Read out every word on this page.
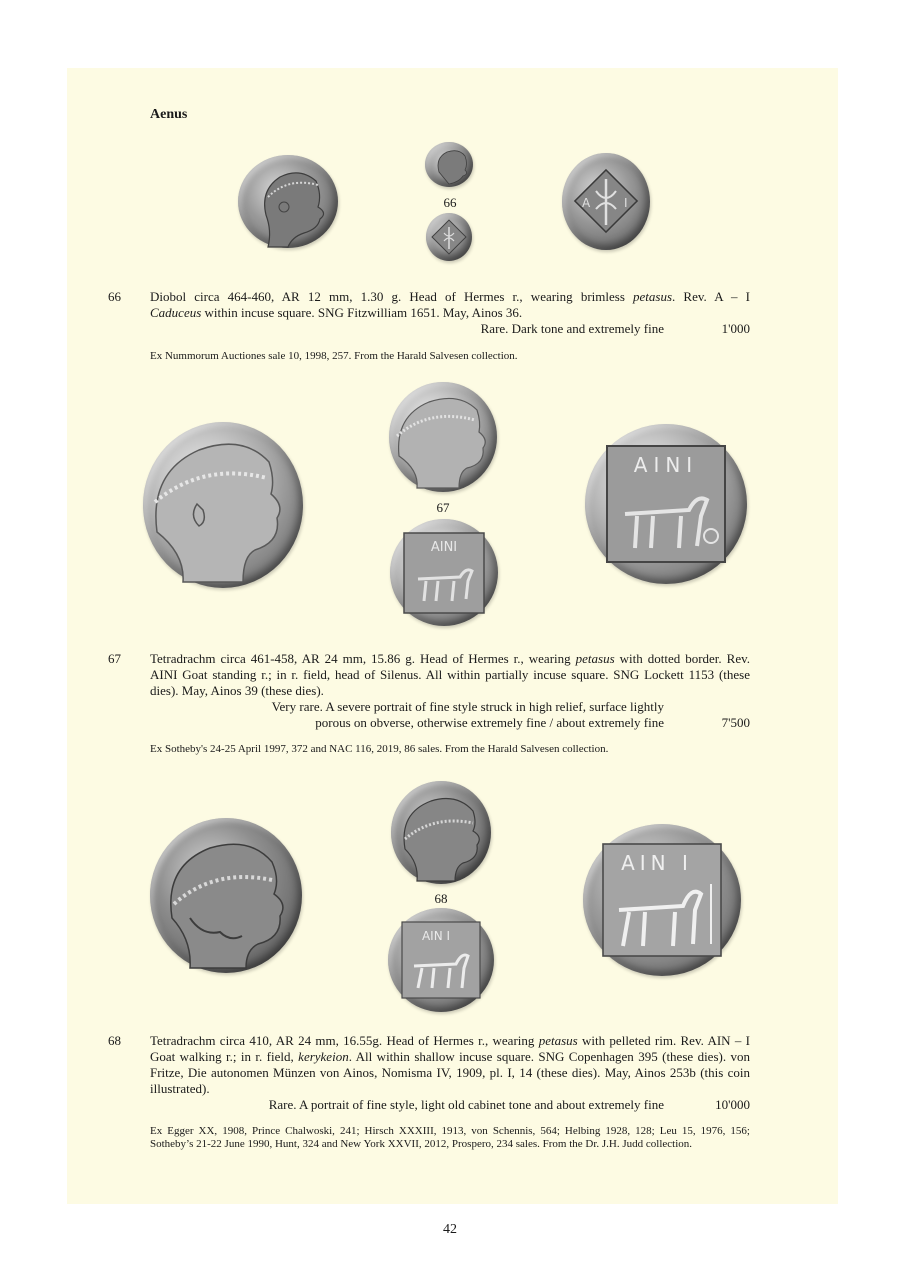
Aenus
66	A	I
66 Diobol circa 464-460, AR 12 mm, 1.30 g. Head of Hermes r., wearing brimless petasus. Rev. A – I
Caduceus within incuse square. SNG Fitzwilliam 1651. May, Ainos 36.
Rare. Dark tone and extremely fine	1'000
Ex Nummorum Auctiones sale 10, 1998, 257. From the Harald Salvesen collection.
67
AINI
AINI
67 Tetradrachm circa 461-458, AR 24 mm, 15.86 g. Head of Hermes r., wearing petasus with dotted border. Rev. AINI Goat standing r.; in r. field, head of Silenus. All within partially incuse square. SNG Lockett 1153 (these dies). May, Ainos 39 (these dies).
Very rare. A severe portrait of fine style struck in high relief, surface lightly
porous on obverse, otherwise extremely fine / about extremely fine	7'500
Ex Sotheby's 24-25 April 1997, 372 and NAC 116, 2019, 86 sales. From the Harald Salvesen collection.
68
AIN I
AIN I
68 Tetradrachm circa 410, AR 24 mm, 16.55g. Head of Hermes r., wearing petasus with pelleted rim. Rev. AIN – I Goat walking r.; in r. field, kerykeion. All within shallow incuse square. SNG Copenhagen 395 (these dies). von Fritze, Die autonomen Münzen von Ainos, Nomisma IV, 1909, pl. I, 14 (these dies). May, Ainos 253b (this coin illustrated).
Rare. A portrait of fine style, light old cabinet tone and about extremely fine	10'000
Ex Egger XX, 1908, Prince Chalwoski, 241; Hirsch XXXIII, 1913, von Schennis, 564; Helbing 1928, 128; Leu 15, 1976, 156; Sotheby’s 21-22 June 1990, Hunt, 324 and New York XXVII, 2012, Prospero, 234 sales. From the Dr. J.H. Judd collection.
42
